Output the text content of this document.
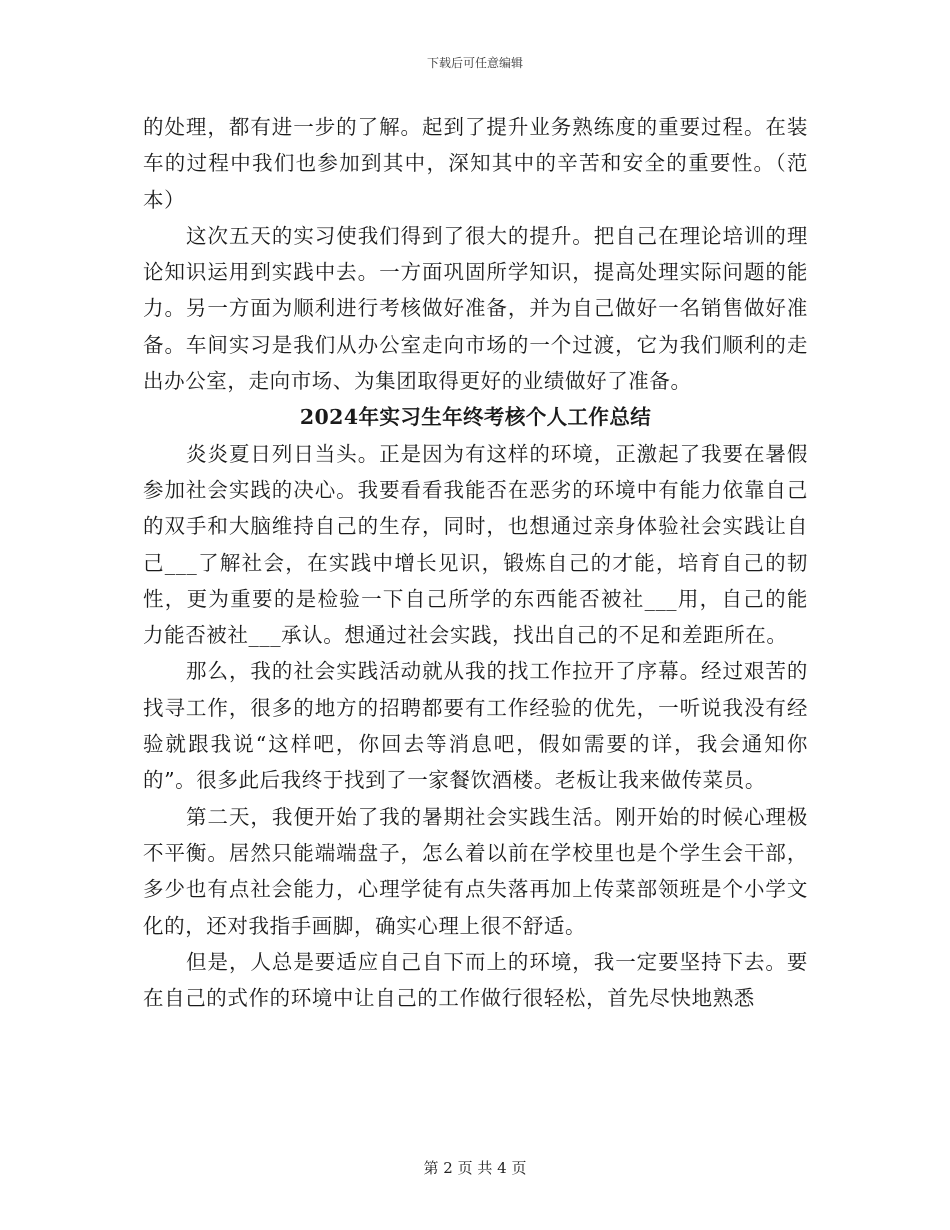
下载后可任意编辑

的处理，都有进一步的了解。起到了提升业务熟练度的重要过程。在装车的过程中我们也参加到其中，深知其中的辛苦和安全的重要性。（范本）

这次五天的实习使我们得到了很大的提升。把自己在理论培训的理论知识运用到实践中去。一方面巩固所学知识，提高处理实际问题的能力。另一方面为顺利进行考核做好准备，并为自己做好一名销售做好准备。车间实习是我们从办公室走向市场的一个过渡，它为我们顺利的走出办公室，走向市场、为集团取得更好的业绩做好了准备。

2024年实习生年终考核个人工作总结

炎炎夏日列日当头。正是因为有这样的环境，正激起了我要在暑假参加社会实践的决心。我要看看我能否在恶劣的环境中有能力依靠自己的双手和大脑维持自己的生存，同时，也想通过亲身体验社会实践让自己___了解社会，在实践中增长见识，锻炼自己的才能，培育自己的韧性，更为重要的是检验一下自己所学的东西能否被社___用，自己的能力能否被社___承认。想通过社会实践，找出自己的不足和差距所在。

那么，我的社会实践活动就从我的找工作拉开了序幕。经过艰苦的找寻工作，很多的地方的招聘都要有工作经验的优先，一听说我没有经验就跟我说“这样吧，你回去等消息吧，假如需要的详，我会通知你的”。很多此后我终于找到了一家餐饮酒楼。老板让我来做传菜员。

第二天，我便开始了我的暑期社会实践生活。刚开始的时候心理极不平衡。居然只能端端盘子，怎么着以前在学校里也是个学生会干部，多少也有点社会能力，心理学徒有点失落再加上传菜部领班是个小学文化的，还对我指手画脚，确实心理上很不舒适。

但是，人总是要适应自己自下而上的环境，我一定要坚持下去。要在自己的式作的环境中让自己的工作做行很轻松，首先尽快地熟悉

第 2 页 共 4 页
